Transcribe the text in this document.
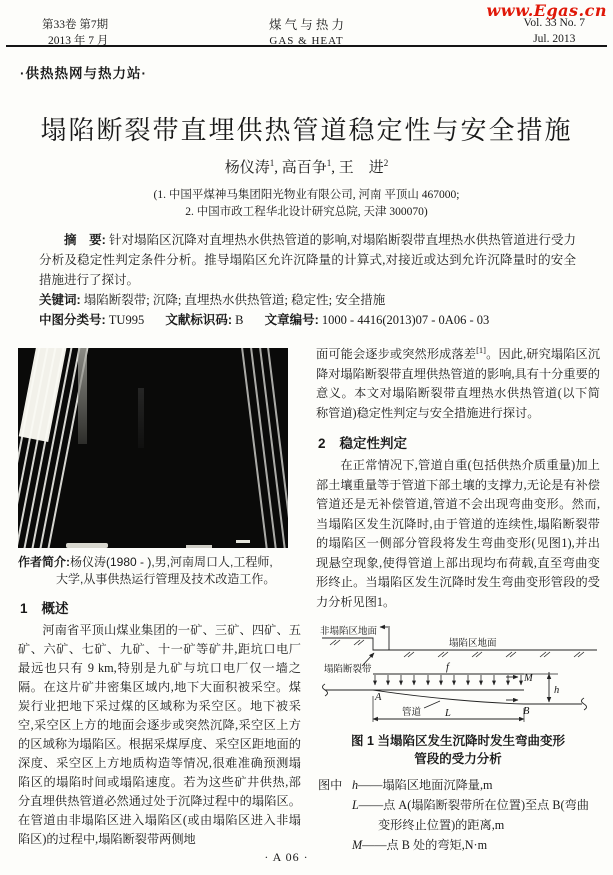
第33卷 第7期
2013 年 7 月
煤 气 与 热 力
GAS & HEAT
Vol. 33 No. 7
Jul. 2013
www.Egas.cn
·供热热网与热力站·
塌陷断裂带直埋供热管道稳定性与安全措施
杨仪涛$^1$, 高百争$^1$, 王　进$^2$
(1. 中国平煤神马集团阳光物业有限公司, 河南 平顶山 467000;
2. 中国市政工程华北设计研究总院, 天津 300070)

摘　要: 针对塌陷区沉降对直埋热水供热管道的影响,对塌陷断裂带直埋热水供热管道进行受力分析及稳定性判定条件分析。推导塌陷区允许沉降量的计算式,对接近或达到允许沉降量时的安全措施进行了探讨。

关键词: 塌陷断裂带; 沉降; 直埋热水供热管道; 稳定性; 安全措施

中图分类号: TU995 文献标识码: B 文章编号: 1000 - 4416(2013)07 - 0A06 - 03

作者简介:杨仪涛(1980 - ),男,河南周口人,工程师,
大学,从事供热运行管理及技术改造工作。
1 概述

河南省平顶山煤业集团的一矿、三矿、四矿、五矿、六矿、七矿、九矿、十一矿等矿井,距坑口电厂最远也只有 9 km,特别是九矿与坑口电厂仅一墙之隔。在这片矿井密集区域内,地下大面积被采空。煤炭行业把地下采过煤的区域称为采空区。地下被采空,采空区上方的地面会逐步或突然沉降,采空区上方的区域称为塌陷区。根据采煤厚度、采空区距地面的深度、采空区上方地质构造等情况,很难准确预测塌陷区的塌陷时间或塌陷速度。若为这些矿井供热,部分直埋供热管道必然通过处于沉降过程中的塌陷区。在管道由非塌陷区进入塌陷区(或由塌陷区进入非塌陷区)的过程中,塌陷断裂带两侧地

面可能会逐步或突然形成落差[1]。因此,研究塌陷区沉降对塌陷断裂带直埋供热管道的影响,具有十分重要的意义。本文对塌陷断裂带直埋热水供热管道(以下简称管道)稳定性判定与安全措施进行探讨。

2 稳定性判定

在正常情况下,管道自重(包括供热介质重量)加上部土壤重量等于管道下部土壤的支撑力,无论是有补偿管道还是无补偿管道,管道不会出现弯曲变形。然而,当塌陷区发生沉降时,由于管道的连续性,塌陷断裂带的塌陷区一侧部分管段将发生弯曲变形(见图1),并出现悬空现象,使得管道上部出现均布荷载,直至弯曲变形终止。当塌陷区发生沉降时发生弯曲变形管段的受力分析见图1。

非塌陷区地面
塌陷区地面
塌陷断裂带	f
M
h
A
B
管道 L

图 1 当塌陷区发生沉降时发生弯曲变形
管段的受力分析

图中 h——塌陷区地面沉降量,m
L——点 A(塌陷断裂带所在位置)至点 B(弯曲变形终止位置)的距离,m
M——点 B 处的弯矩,N·m
· A 06 ·
